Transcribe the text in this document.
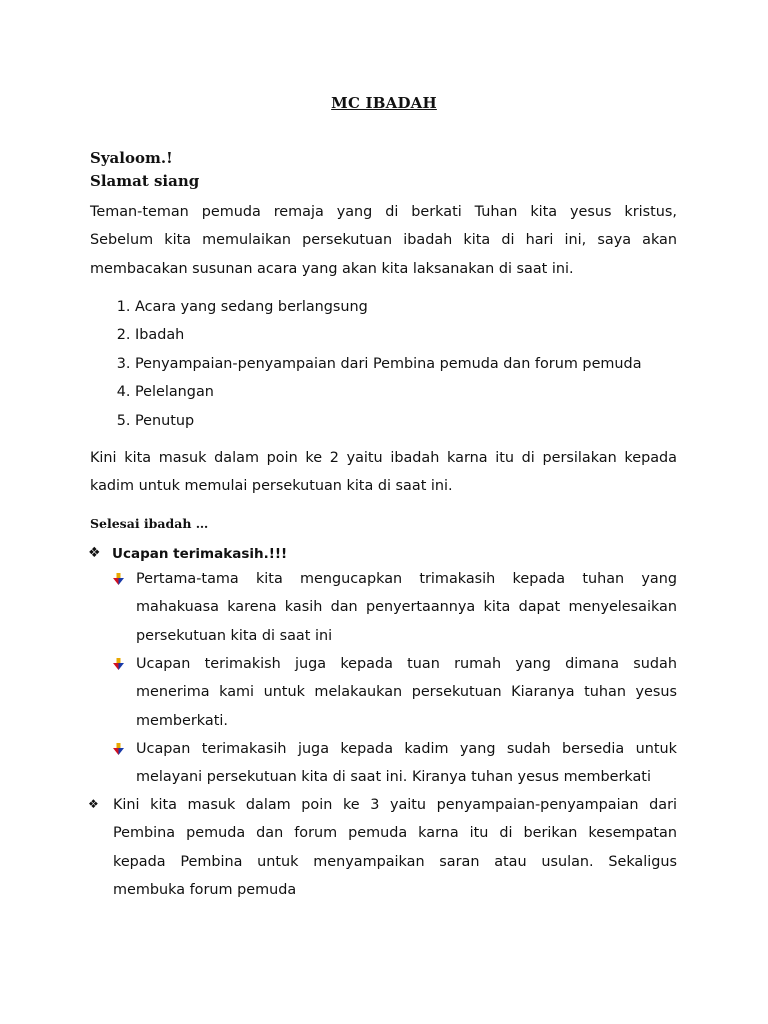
MC IBADAH
Syaloom.!
Slamat siang
Teman-teman pemuda remaja yang di berkati Tuhan kita yesus kristus,
Sebelum kita memulaikan persekutuan ibadah kita di hari ini, saya akan
membacakan susunan acara yang akan kita laksanakan di saat ini.
1. Acara yang sedang berlangsung
2. Ibadah
3. Penyampaian-penyampaian dari Pembina pemuda dan forum pemuda
4. Pelelangan
5. Penutup
Kini kita masuk dalam poin ke 2 yaitu ibadah karna itu di persilakan kepada
kadim untuk memulai persekutuan kita di saat ini.
Selesai ibadah …
❖ Ucapan terimakasih.!!!
Pertama-tama kita mengucapkan trimakasih kepada tuhan yang
mahakuasa karena kasih dan penyertaannya kita dapat menyelesaikan
persekutuan kita di saat ini
Ucapan terimakish juga kepada tuan rumah yang dimana sudah
menerima kami untuk melakaukan persekutuan Kiaranya tuhan yesus
memberkati.
Ucapan terimakasih juga kepada kadim yang sudah bersedia untuk
melayani persekutuan kita di saat ini. Kiranya tuhan yesus memberkati
❖ Kini kita masuk dalam poin ke 3 yaitu penyampaian-penyampaian dari
Pembina pemuda dan forum pemuda karna itu di berikan kesempatan
kepada Pembina untuk menyampaikan saran atau usulan. Sekaligus
membuka forum pemuda
